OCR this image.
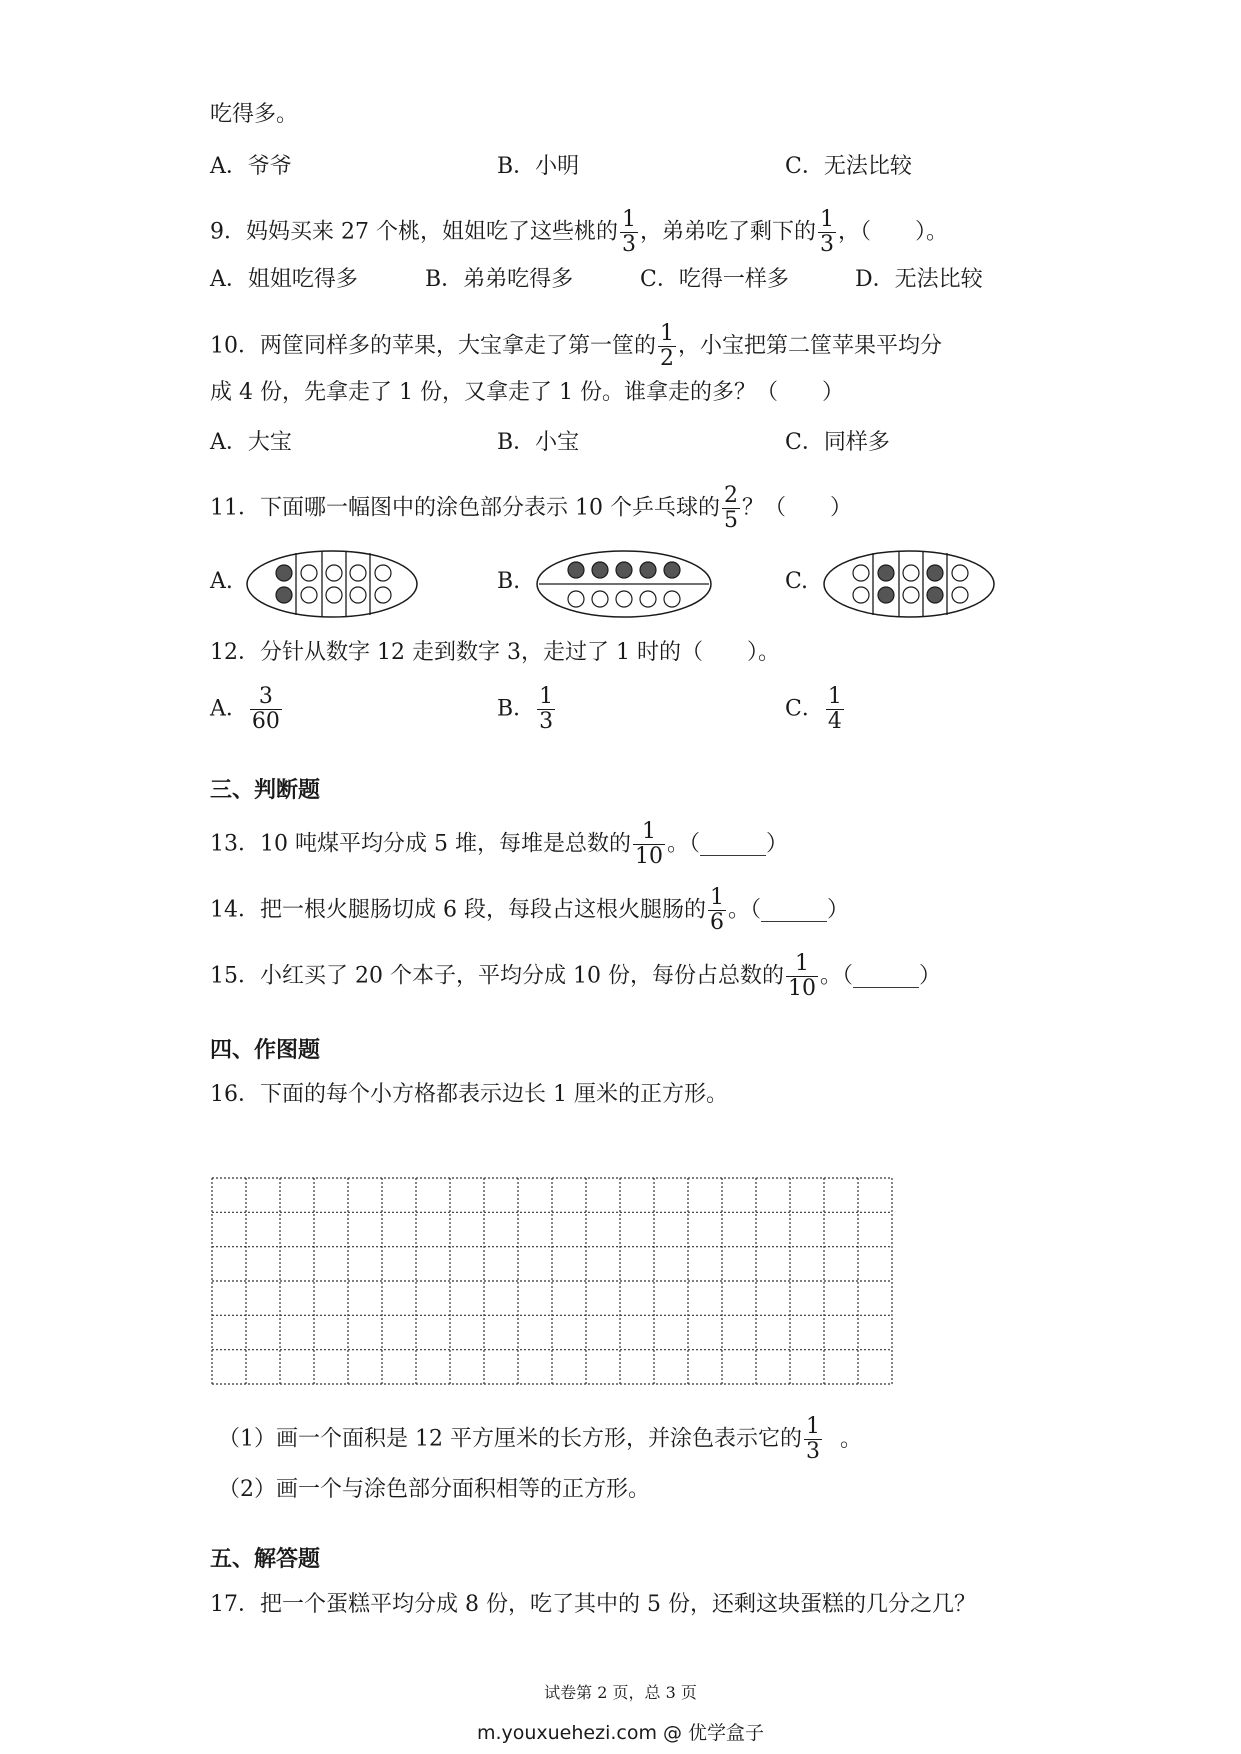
吃得多。
A．爷爷	B．小明	C．无法比较
9．妈妈买来 27 个桃，姐姐吃了这些桃的 $\frac{1}{3}$ ，弟弟吃了剩下的 $\frac{1}{3}$ ，（　　）。
A．姐姐吃得多	B．弟弟吃得多	C．吃得一样多	D．无法比较
10．两筐同样多的苹果，大宝拿走了第一筐的 $\frac{1}{2}$ ，小宝把第二筐苹果平均分
成 4 份，先拿走了 1 份，又拿走了 1 份。谁拿走的多？（　　）
A．大宝	B．小宝	C．同样多
11．下面哪一幅图中的涂色部分表示 10 个乒乓球的 $\frac{2}{5}$ ？（　　）
A.	B.	C.
12．分针从数字 12 走到数字 3，走过了 1 时的（　　）。
A． $\frac{3}{60}$	B． $\frac{1}{3}$	C． $\frac{1}{4}$
三、判断题
13．10 吨煤平均分成 5 堆，每堆是总数的 $\frac{1}{10}$ 。（______）
14．把一根火腿肠切成 6 段，每段占这根火腿肠的 $\frac{1}{6}$ 。（______）
15．小红买了 20 个本子，平均分成 10 份，每份占总数的 $\frac{1}{10}$ 。（______）
四、作图题
16．下面的每个小方格都表示边长 1 厘米的正方形。
（1）画一个面积是 12 平方厘米的长方形，并涂色表示它的 $\frac{1}{3}$ 。
（2）画一个与涂色部分面积相等的正方形。
五、解答题
17．把一个蛋糕平均分成 8 份，吃了其中的 5 份，还剩这块蛋糕的几分之几？
试卷第 2 页，总 3 页
m.youxuehezi.com @ 优学盒子
